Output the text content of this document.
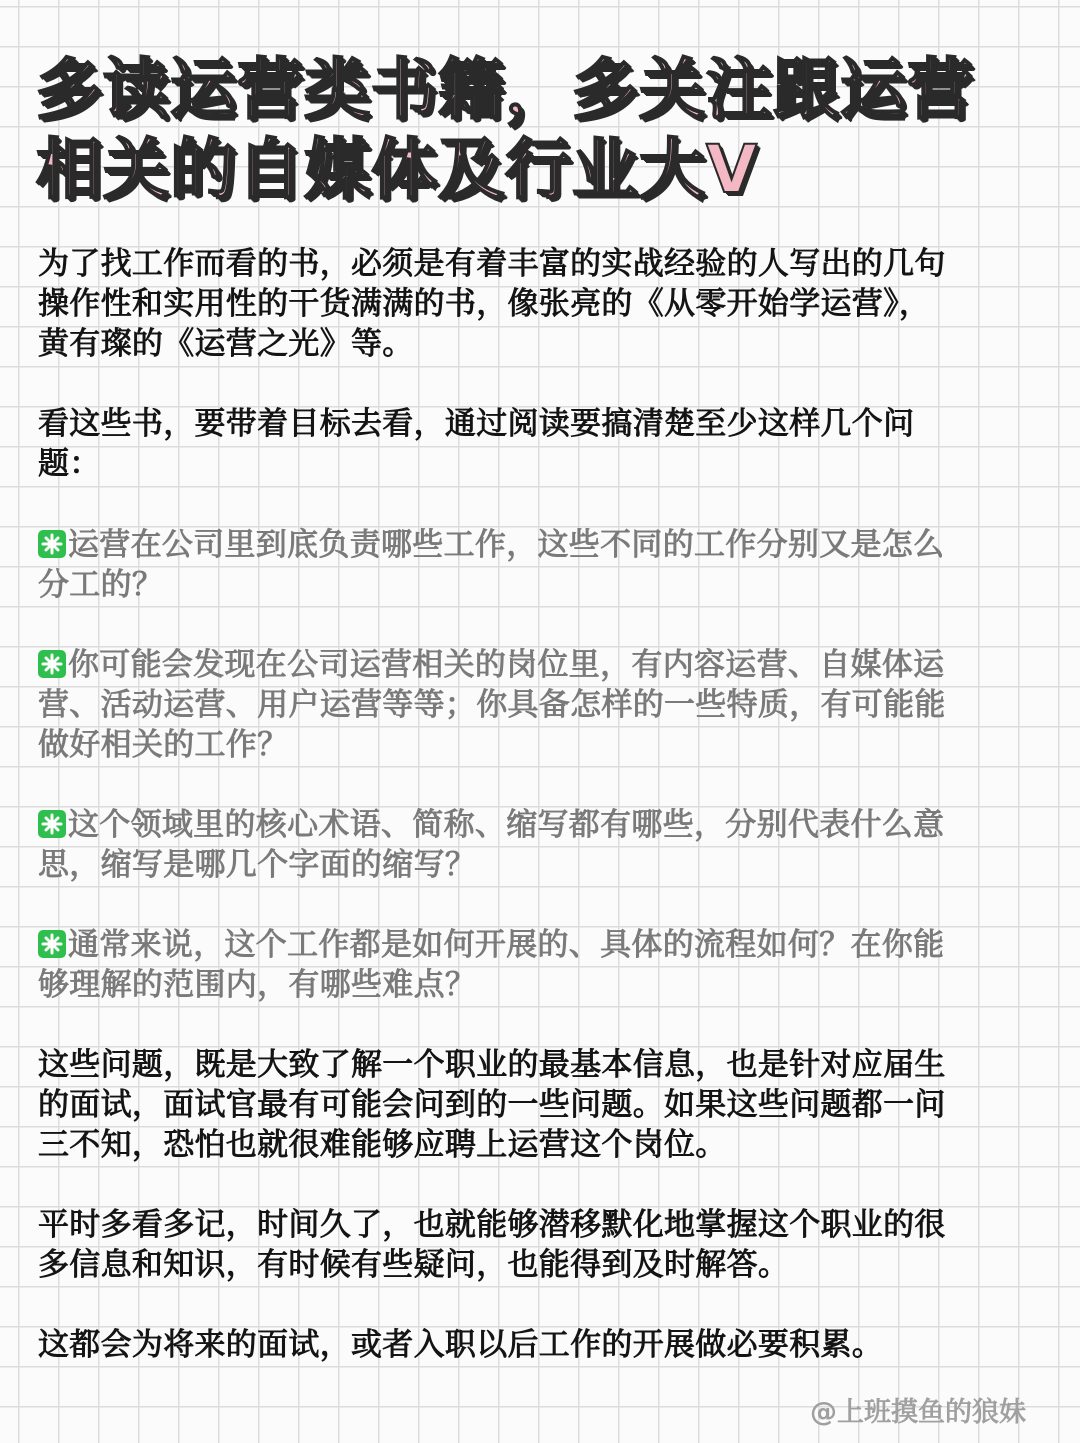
多读运营类书籍，多关注跟运营
相关的自媒体及行业大V

为了找工作而看的书，必须是有着丰富的实战经验的人写出的几句
操作性和实用性的干货满满的书，像张亮的《从零开始学运营》，
黄有璨的《运营之光》等。

看这些书，要带着目标去看，通过阅读要搞清楚至少这样几个问
题：

运营在公司里到底负责哪些工作，这些不同的工作分别又是怎么
分工的？

你可能会发现在公司运营相关的岗位里，有内容运营、自媒体运
营、活动运营、用户运营等等；你具备怎样的一些特质，有可能能
做好相关的工作？

这个领域里的核心术语、简称、缩写都有哪些，分别代表什么意
思，缩写是哪几个字面的缩写？

通常来说，这个工作都是如何开展的、具体的流程如何？在你能
够理解的范围内，有哪些难点？

这些问题，既是大致了解一个职业的最基本信息，也是针对应届生
的面试，面试官最有可能会问到的一些问题。如果这些问题都一问
三不知，恐怕也就很难能够应聘上运营这个岗位。

平时多看多记，时间久了，也就能够潜移默化地掌握这个职业的很
多信息和知识，有时候有些疑问，也能得到及时解答。

这都会为将来的面试，或者入职以后工作的开展做必要积累。

@上班摸鱼的狼妹
